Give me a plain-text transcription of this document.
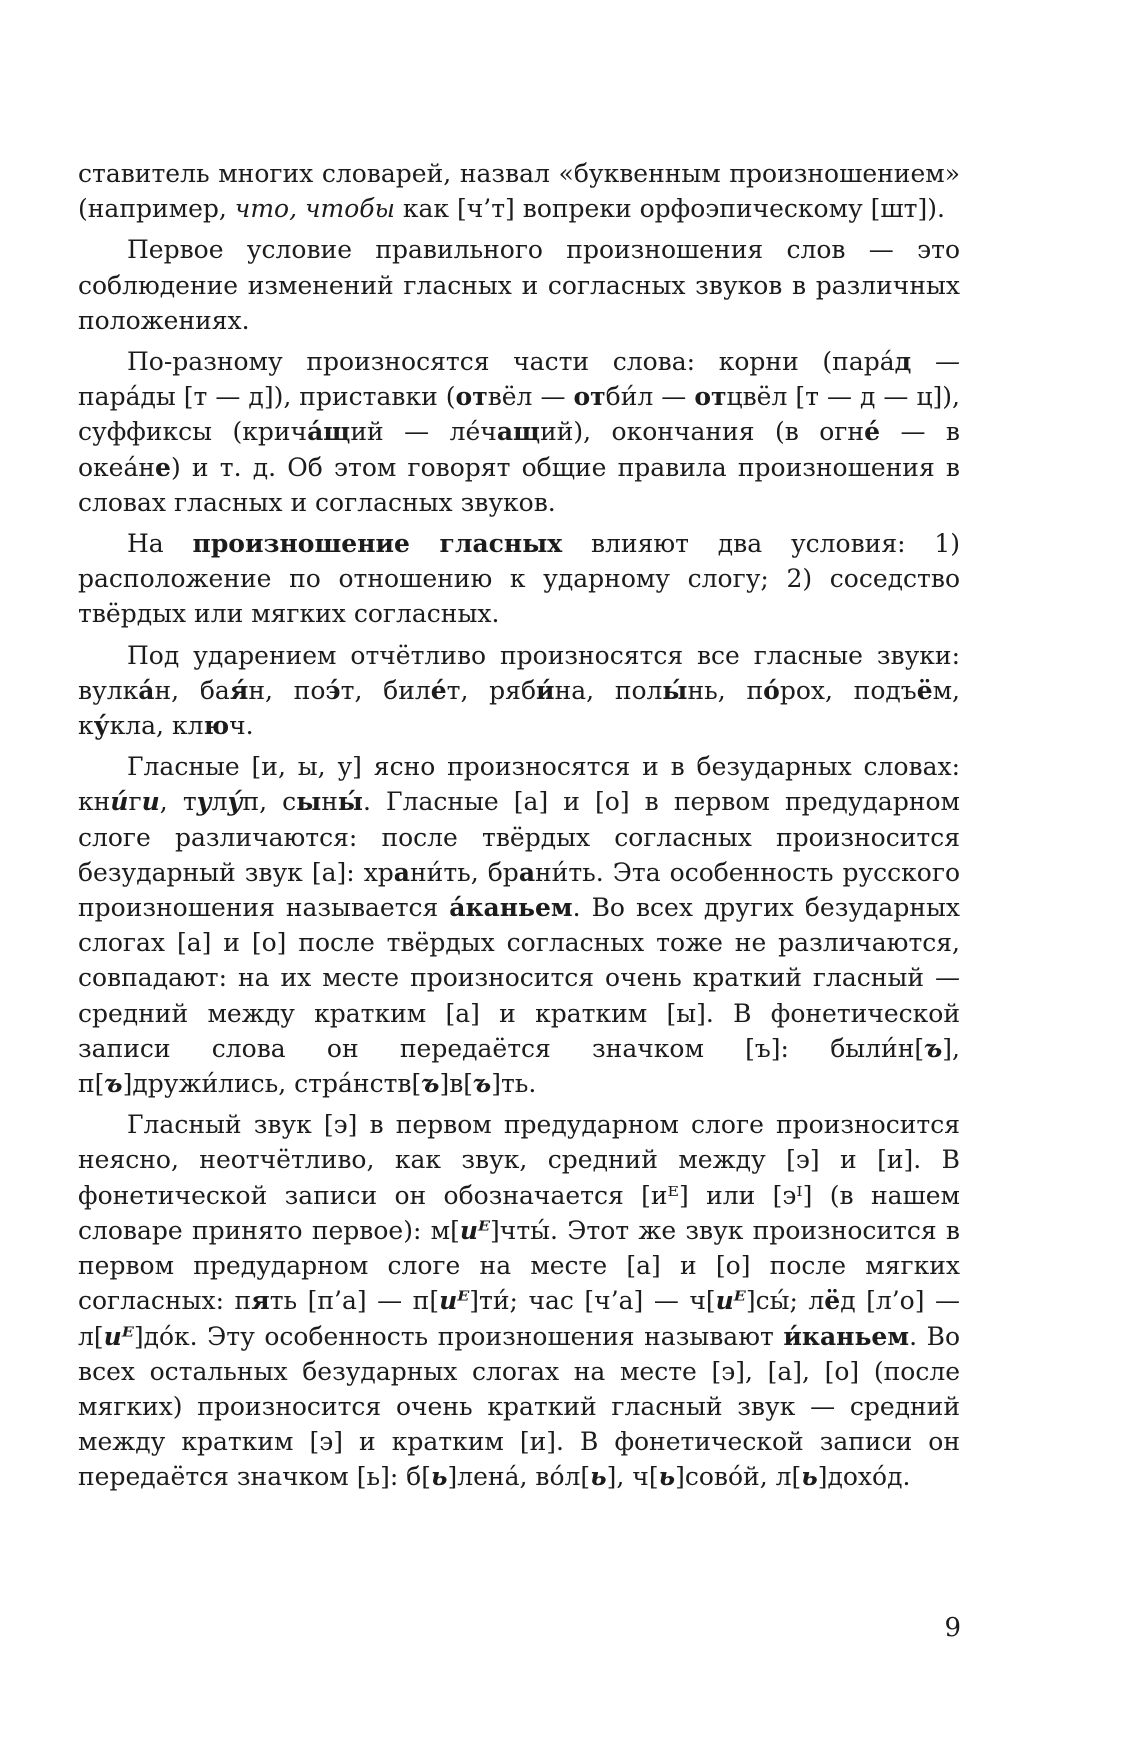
ставитель многих словарей, назвал «буквенным произношением» (например, что, чтобы как [ч’т] вопреки орфоэпическому [шт]).

Первое условие правильного произношения слов — это соблюдение изменений гласных и согласных звуков в различных положениях.

По-разному произносятся части слова: корни (пара́д — пара́ды [т — д]), приставки (отвёл — отби́л — отцвёл [т — д — ц]), суффиксы (крича́щий — ле́чащий), окончания (в огне́ — в океа́не) и т. д. Об этом говорят общие правила произношения в словах гласных и согласных звуков.

На произношение гласных влияют два условия: 1) расположение по отношению к ударному слогу; 2) соседство твёрдых или мягких согласных.

Под ударением отчётливо произносятся все гласные звуки: вулка́н, бая́н, поэ́т, биле́т, ряби́на, полы́нь, по́рох, подъём, ку́кла, ключ.

Гласные [и, ы, у] ясно произносятся и в безударных словах: кни́ги, тулу́п, сыны́. Гласные [а] и [о] в первом предударном слоге различаются: после твёрдых согласных произносится безударный звук [а]: храни́ть, брани́ть. Эта особенность русского произношения называется а́каньем. Во всех других безударных слогах [а] и [о] после твёрдых согласных тоже не различаются, совпадают: на их месте произносится очень краткий гласный — средний между кратким [а] и кратким [ы]. В фонетической записи слова он передаётся значком [ъ]: были́н[ъ], п[ъ]дружи́лись, стра́нств[ъ]в[ъ]ть.

Гласный звук [э] в первом предударном слоге произносится неясно, неотчётливо, как звук, средний между [э] и [и]. В фонетической записи он обозначается [иᴱ] или [эᴵ] (в нашем словаре принято первое): м[иᴱ]чты́. Этот же звук произносится в первом предударном слоге на месте [а] и [о] после мягких согласных: пять [п’а] — п[иᴱ]ти́; час [ч’а] — ч[иᴱ]сы́; лёд [л’о] — л[иᴱ]до́к. Эту особенность произношения называют и́каньем. Во всех остальных безударных слогах на месте [э], [а], [о] (после мягких) произносится очень краткий гласный звук — средний между кратким [э] и кратким [и]. В фонетической записи он передаётся значком [ь]: б[ь]лена́, во́л[ь], ч[ь]сово́й, л[ь]дохо́д.

9
